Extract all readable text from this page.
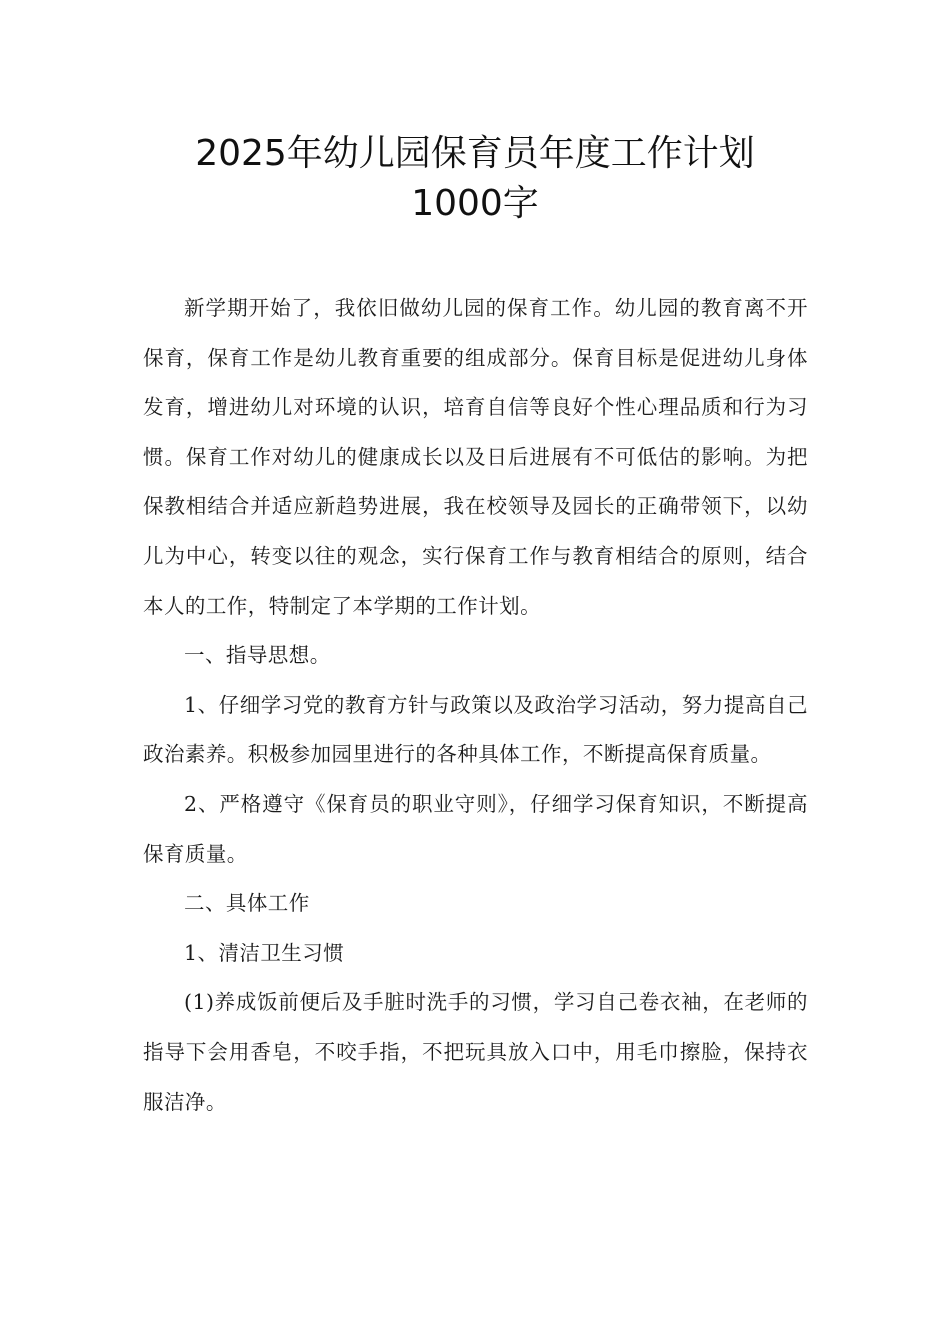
2025年幼儿园保育员年度工作计划
1000字

新学期开始了，我依旧做幼儿园的保育工作。幼儿园的教育离不开保育，保育工作是幼儿教育重要的组成部分。保育目标是促进幼儿身体发育，增进幼儿对环境的认识，培育自信等良好个性心理品质和行为习惯。保育工作对幼儿的健康成长以及日后进展有不可低估的影响。为把保教相结合并适应新趋势进展，我在校领导及园长的正确带领下，以幼儿为中心，转变以往的观念，实行保育工作与教育相结合的原则，结合本人的工作，特制定了本学期的工作计划。

一、指导思想。

1、仔细学习党的教育方针与政策以及政治学习活动，努力提高自己政治素养。积极参加园里进行的各种具体工作，不断提高保育质量。

2、严格遵守《保育员的职业守则》，仔细学习保育知识，不断提高保育质量。

二、具体工作

1、清洁卫生习惯

(1)养成饭前便后及手脏时洗手的习惯，学习自己卷衣袖，在老师的指导下会用香皂，不咬手指，不把玩具放入口中，用毛巾擦脸，保持衣服洁净。
